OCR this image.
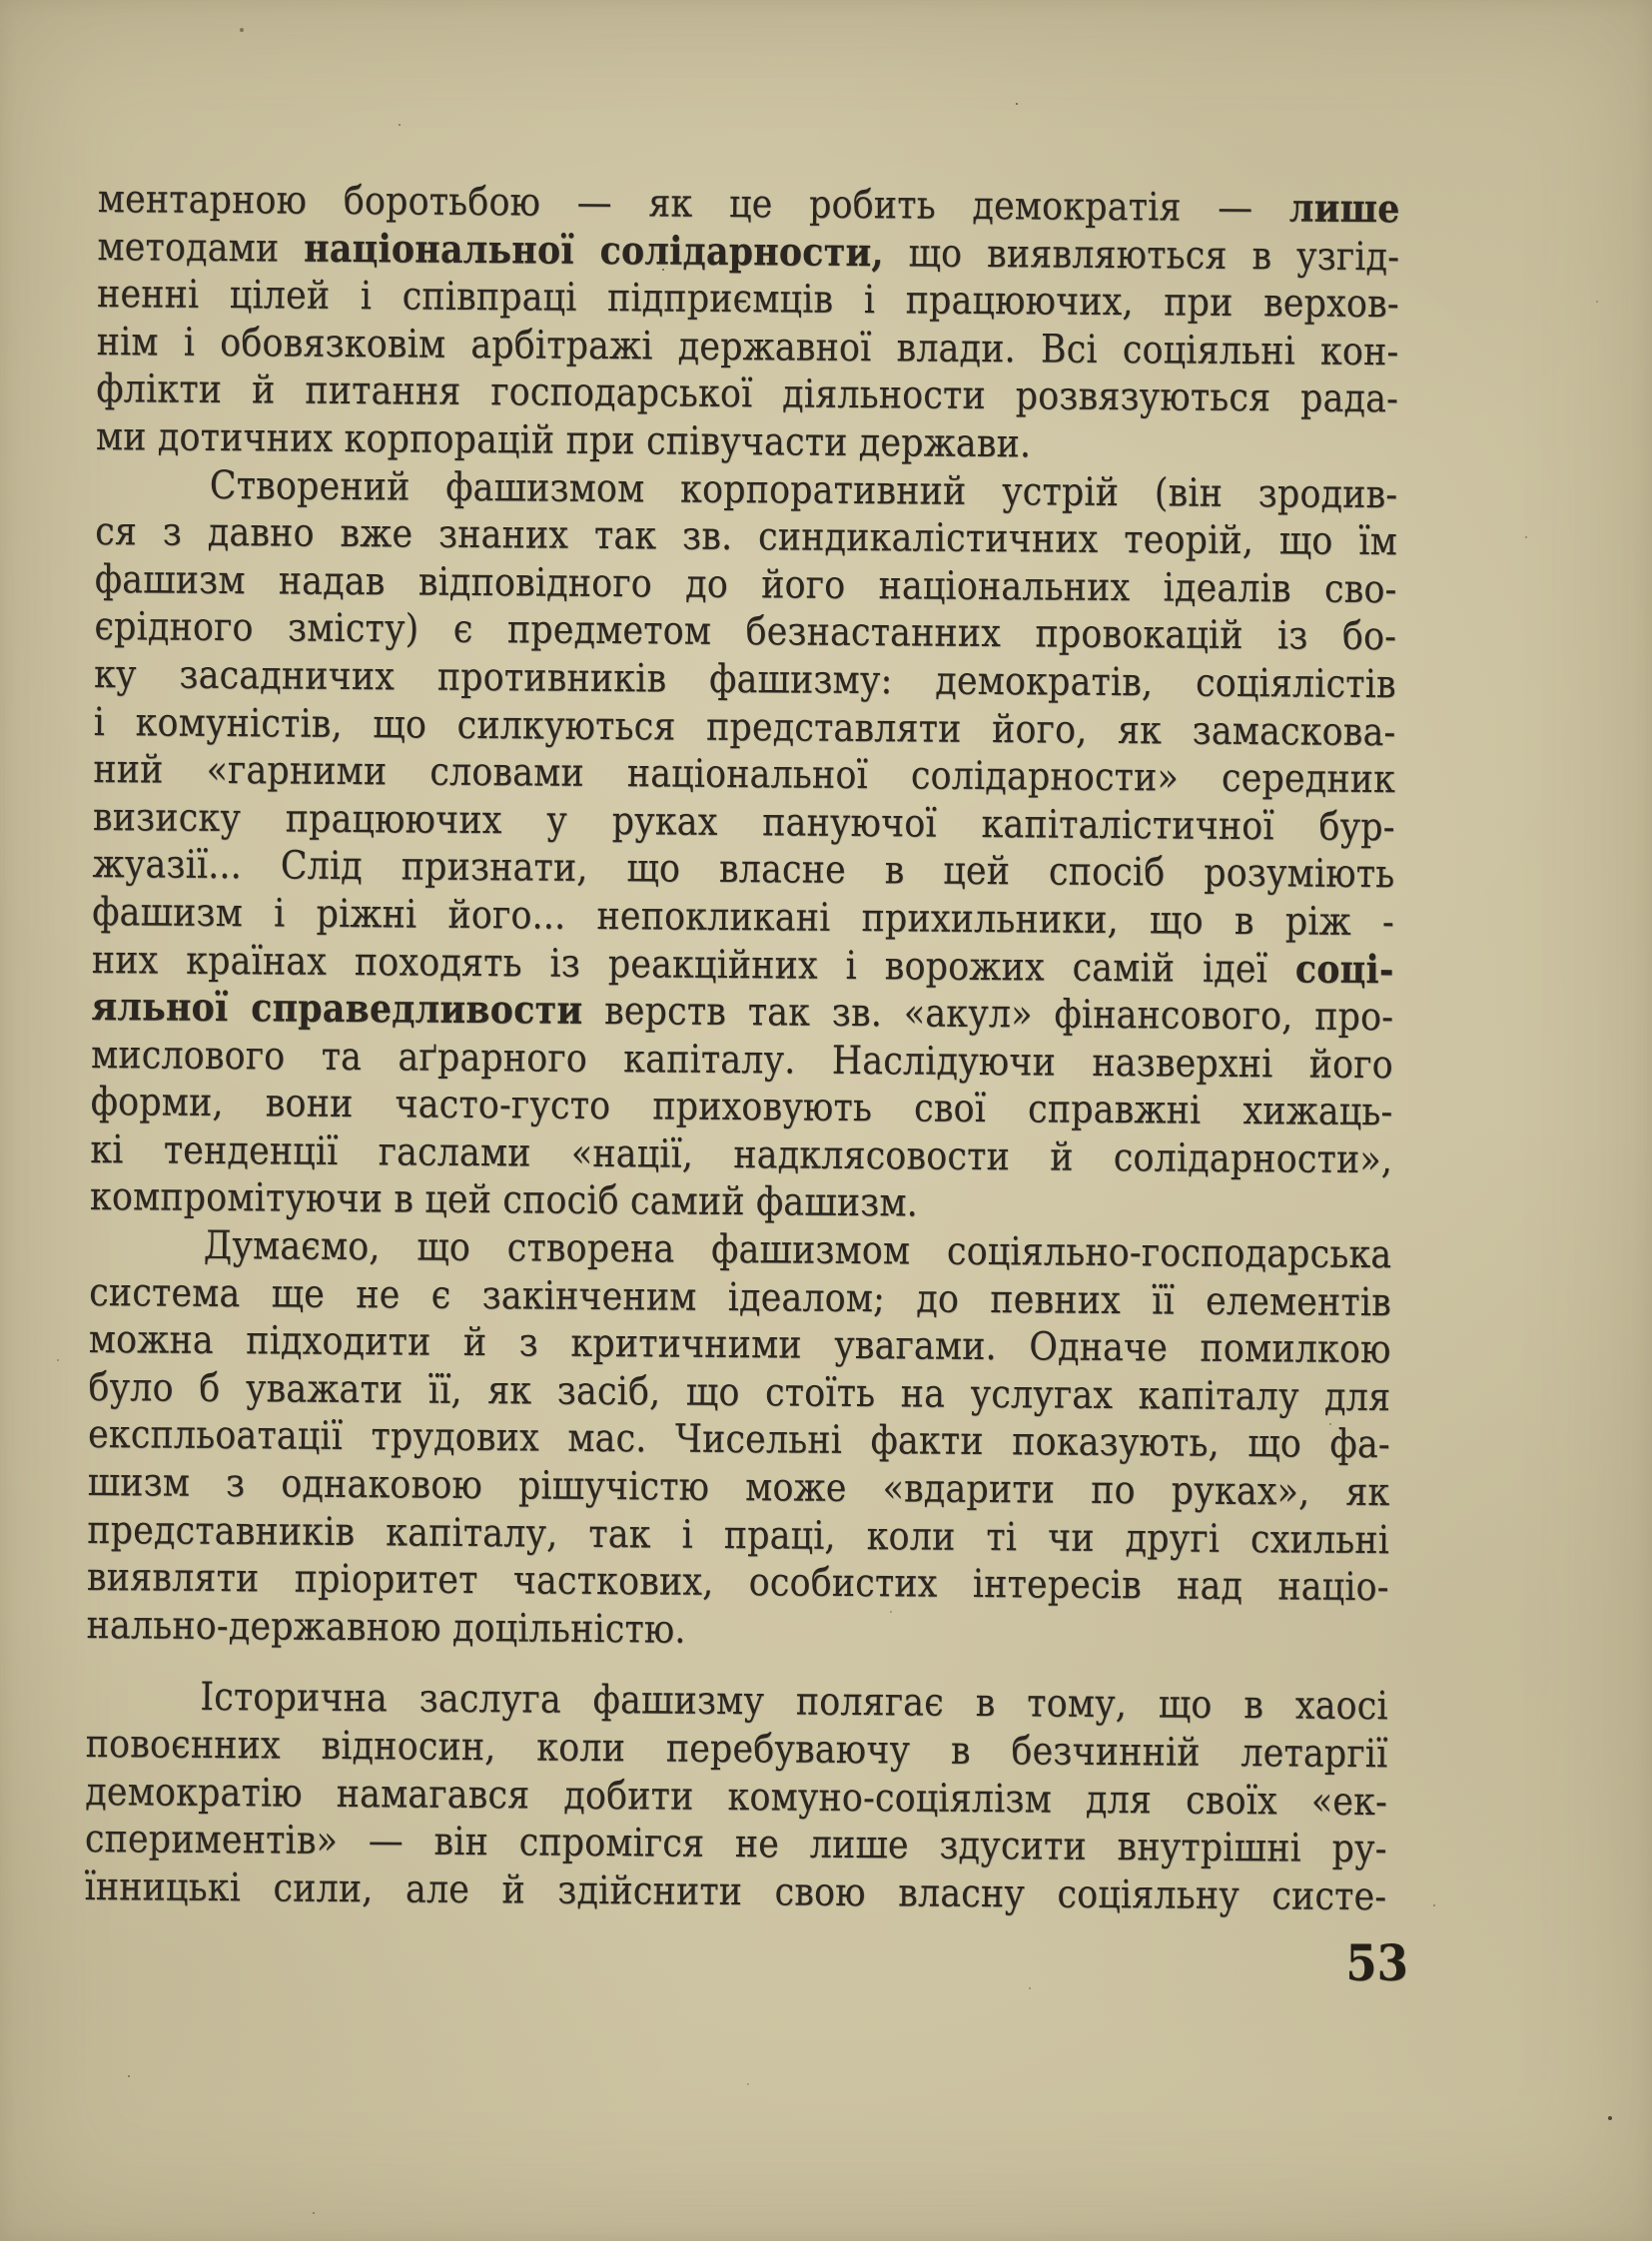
ментарною боротьбою — як це робить демократія — лише
методами національної солідарности, що виявляються в узгід-
ненні цілей і співпраці підприємців і працюючих, при верхов-
нім і обовязковім арбітражі державної влади. Всі соціяльні кон-
флікти й питання господарської діяльности розвязуються рада-
ми дотичних корпорацій при співучасти держави.
Створений фашизмом корпоративний устрій (він зродив-
ся з давно вже знаних так зв. синдикалістичних теорій, що їм
фашизм надав відповідного до його національних ідеалів сво-
єрідного змісту) є предметом безнастанних провокацій із бо-
ку засадничих противників фашизму: демократів, соціялістів
і комуністів, що силкуються представляти його, як замаскова-
ний «гарними словами національної солідарности» середник
визиску працюючих у руках пануючої капіталістичної бур-
жуазії... Слід признати, що власне в цей спосіб розуміють
фашизм і ріжні його... непокликані прихильники, що в ріж -
них країнах походять із реакційних і ворожих самій ідеї соці-
яльної справедливости верств так зв. «акул» фінансового, про-
мислового та аґрарного капіталу. Наслідуючи назверхні його
форми, вони часто-густо приховують свої справжні хижаць-
кі тенденції гаслами «нації, надклясовости й солідарности»,
компромітуючи в цей спосіб самий фашизм.
Думаємо, що створена фашизмом соціяльно-господарська
система ще не є закінченим ідеалом; до певних її елементів
можна підходити й з критичними увагами. Одначе помилкою
було б уважати її, як засіб, що стоїть на услугах капіталу для
експльоатації трудових мас. Чисельні факти показують, що фа-
шизм з однаковою рішучістю може «вдарити по руках», як
представників капіталу, так і праці, коли ті чи другі схильні
виявляти пріоритет часткових, особистих інтересів над націо-
нально-державною доцільністю.
Історична заслуга фашизму полягає в тому, що в хаосі
повоєнних відносин, коли перебуваючу в безчинній летаргії
демократію намагався добити комуно-соціялізм для своїх «ек-
спериментів» — він спромігся не лише здусити внутрішні ру-
їнницькі сили, але й здійснити свою власну соціяльну систе-
53
